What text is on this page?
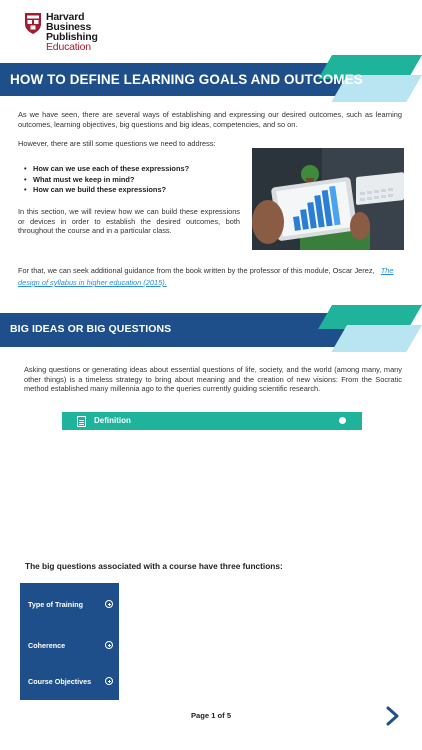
Harvard
Business
Publishing
Education
HOW TO DEFINE LEARNING GOALS AND OUTCOMES
As we have seen, there are several ways of establishing and expressing our desired outcomes, such as learning outcomes, learning objectives, big questions and big ideas, competencies, and so on.
However, there are still some questions we need to address:
• How can we use each of these expressions?
• What must we keep in mind?
• How can we build these expressions?
In this section, we will review how we can build these expressions or devices in order to establish the desired outcomes, both throughout the course and in a particular class.
For that, we can seek additional guidance from the book written by the professor of this module, Oscar Jerez, The design of syllabus in higher education (2015).
BIG IDEAS OR BIG QUESTIONS
Asking questions or generating ideas about essential questions of life, society, and the world (among many, many other things) is a timeless strategy to bring about meaning and the creation of new visions: From the Socratic method established many millennia ago to the queries currently guiding scientific research.
Definition
The big questions associated with a course have three functions:
Type of Training
Coherence
Course Objectives
Page 1 of 5
